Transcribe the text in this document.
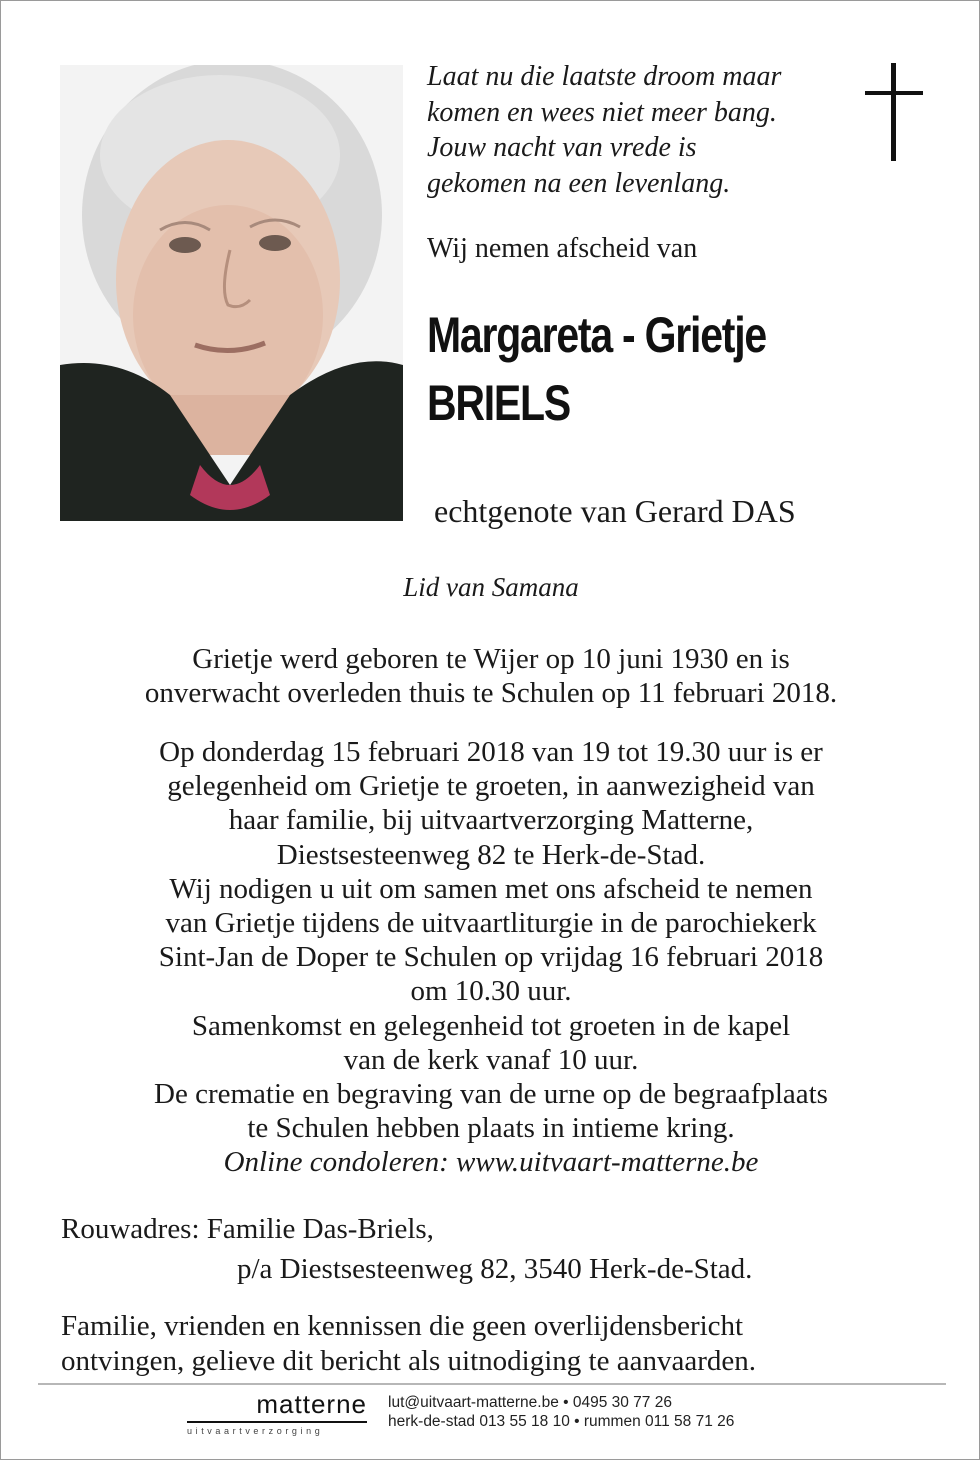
Laat nu die laatste droom maar
komen en wees niet meer bang.
Jouw nacht van vrede is
gekomen na een levenlang.
Wij nemen afscheid van
Margareta - Grietje
BRIELS
echtgenote van Gerard DAS
Lid van Samana
Grietje werd geboren te Wijer op 10 juni 1930 en is
onverwacht overleden thuis te Schulen op 11 februari 2018.
Op donderdag 15 februari 2018 van 19 tot 19.30 uur is er
gelegenheid om Grietje te groeten, in aanwezigheid van
haar familie, bij uitvaartverzorging Matterne,
Diestsesteenweg 82 te Herk-de-Stad.
Wij nodigen u uit om samen met ons afscheid te nemen
van Grietje tijdens de uitvaartliturgie in de parochiekerk
Sint-Jan de Doper te Schulen op vrijdag 16 februari 2018
om 10.30 uur.
Samenkomst en gelegenheid tot groeten in de kapel
van de kerk vanaf 10 uur.
De crematie en begraving van de urne op de begraafplaats
te Schulen hebben plaats in intieme kring.
Online condoleren: www.uitvaart-matterne.be
Rouwadres: Familie Das-Briels,
p/a Diestsesteenweg 82, 3540 Herk-de-Stad.
Familie, vrienden en kennissen die geen overlijdensbericht
ontvingen, gelieve dit bericht als uitnodiging te aanvaarden.
matterne
uitvaartverzorging
lut@uitvaart-matterne.be • 0495 30 77 26
herk-de-stad 013 55 18 10 • rummen 011 58 71 26
